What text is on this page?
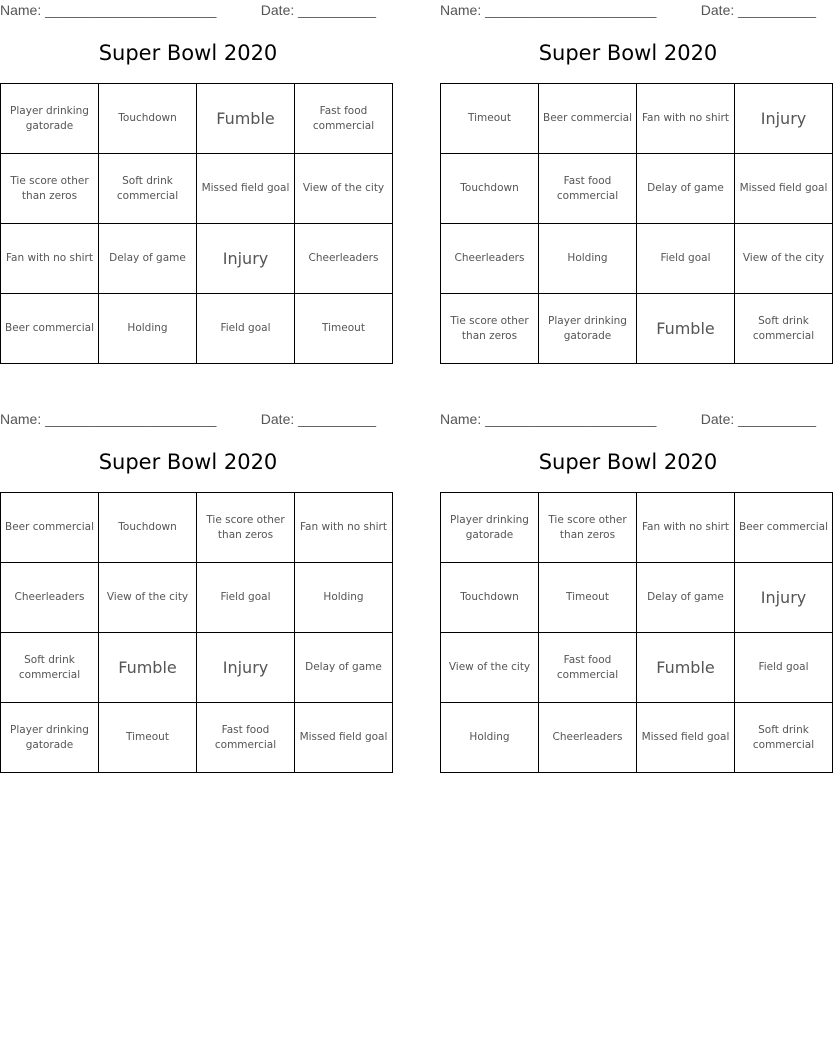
Name: ______________________	Date: __________
Super Bowl 2020
Player drinking gatorade	Touchdown	Fumble	Fast food commercial
Tie score other than zeros	Soft drink commercial	Missed field goal	View of the city
Fan with no shirt	Delay of game	Injury	Cheerleaders
Beer commercial	Holding	Field goal	Timeout
Name: ______________________	Date: __________
Super Bowl 2020
Timeout	Beer commercial	Fan with no shirt	Injury
Touchdown	Fast food commercial	Delay of game	Missed field goal
Cheerleaders	Holding	Field goal	View of the city
Tie score other than zeros	Player drinking gatorade	Fumble	Soft drink commercial
Name: ______________________	Date: __________
Super Bowl 2020
Beer commercial	Touchdown	Tie score other than zeros	Fan with no shirt
Cheerleaders	View of the city	Field goal	Holding
Soft drink commercial	Fumble	Injury	Delay of game
Player drinking gatorade	Timeout	Fast food commercial	Missed field goal
Name: ______________________	Date: __________
Super Bowl 2020
Player drinking gatorade	Tie score other than zeros	Fan with no shirt	Beer commercial
Touchdown	Timeout	Delay of game	Injury
View of the city	Fast food commercial	Fumble	Field goal
Holding	Cheerleaders	Missed field goal	Soft drink commercial
